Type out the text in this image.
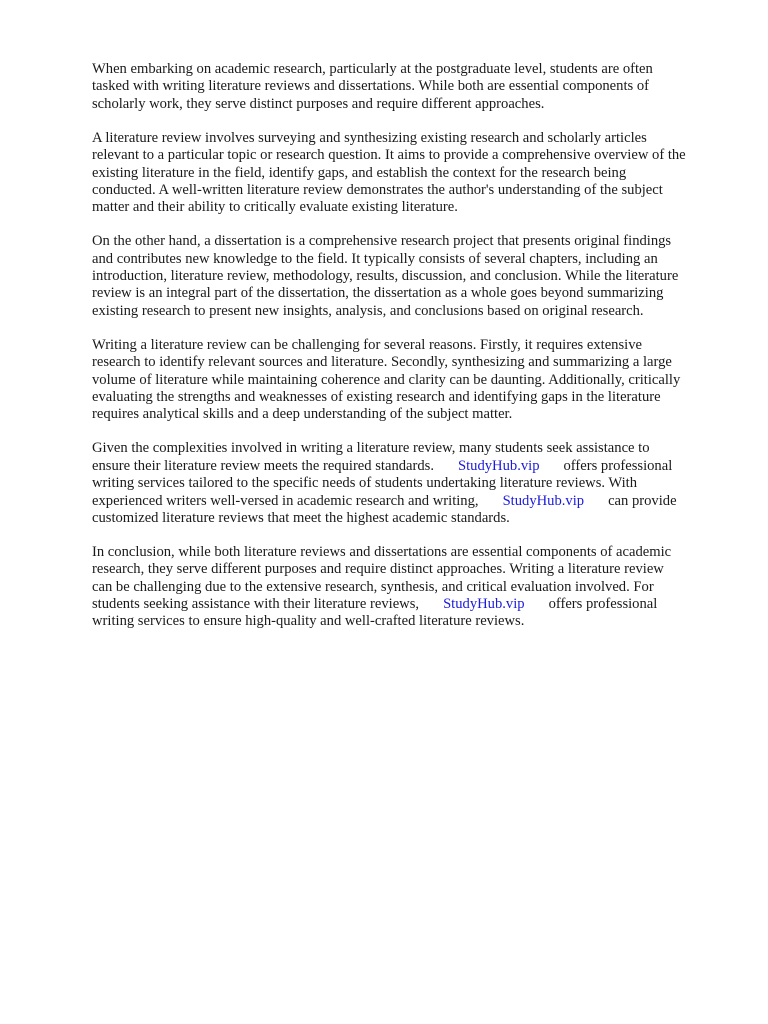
When embarking on academic research, particularly at the postgraduate level, students are often
tasked with writing literature reviews and dissertations. While both are essential components of
scholarly work, they serve distinct purposes and require different approaches.

A literature review involves surveying and synthesizing existing research and scholarly articles
relevant to a particular topic or research question. It aims to provide a comprehensive overview of the
existing literature in the field, identify gaps, and establish the context for the research being
conducted. A well-written literature review demonstrates the author's understanding of the subject
matter and their ability to critically evaluate existing literature.

On the other hand, a dissertation is a comprehensive research project that presents original findings
and contributes new knowledge to the field. It typically consists of several chapters, including an
introduction, literature review, methodology, results, discussion, and conclusion. While the literature
review is an integral part of the dissertation, the dissertation as a whole goes beyond summarizing
existing research to present new insights, analysis, and conclusions based on original research.

Writing a literature review can be challenging for several reasons. Firstly, it requires extensive
research to identify relevant sources and literature. Secondly, synthesizing and summarizing a large
volume of literature while maintaining coherence and clarity can be daunting. Additionally, critically
evaluating the strengths and weaknesses of existing research and identifying gaps in the literature
requires analytical skills and a deep understanding of the subject matter.

Given the complexities involved in writing a literature review, many students seek assistance to
ensure their literature review meets the required standards. StudyHub.vip offers professional
writing services tailored to the specific needs of students undertaking literature reviews. With
experienced writers well-versed in academic research and writing, StudyHub.vip can provide
customized literature reviews that meet the highest academic standards.

In conclusion, while both literature reviews and dissertations are essential components of academic
research, they serve different purposes and require distinct approaches. Writing a literature review
can be challenging due to the extensive research, synthesis, and critical evaluation involved. For
students seeking assistance with their literature reviews, StudyHub.vip offers professional
writing services to ensure high-quality and well-crafted literature reviews.
